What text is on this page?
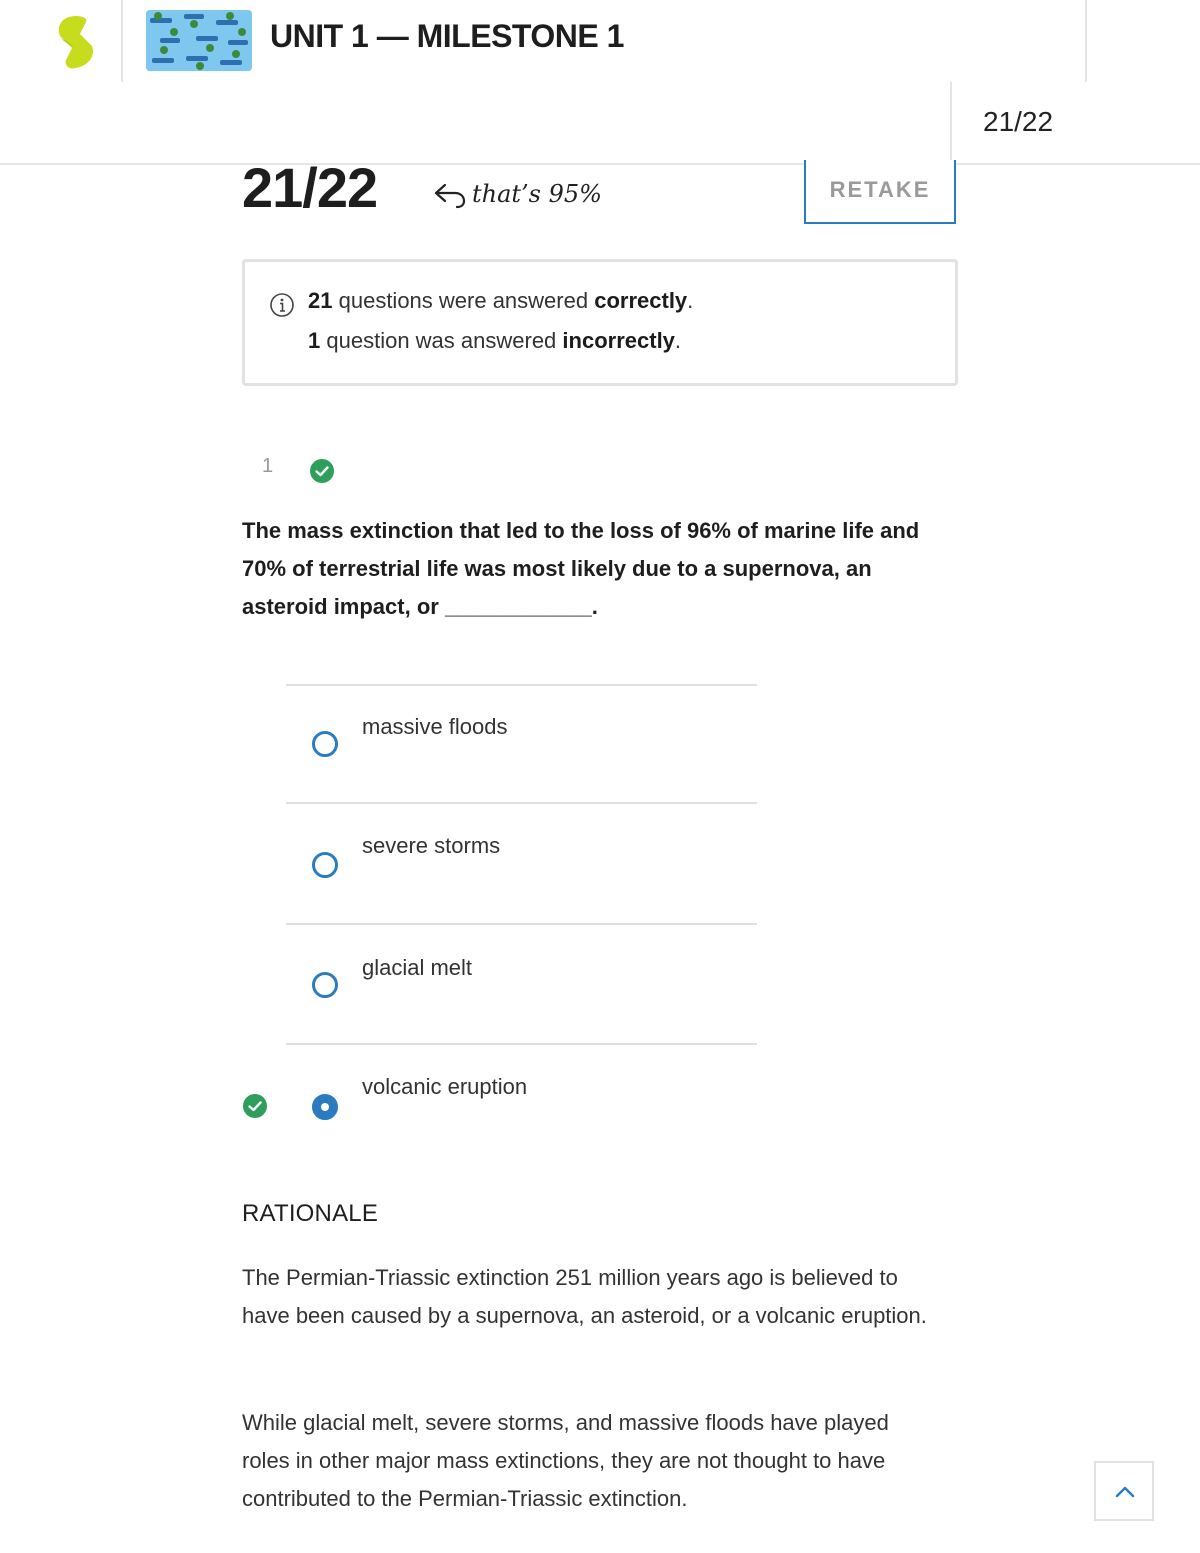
UNIT 1 — MILESTONE 1
21/22
21/22	that’s 95%	RETAKE
21 questions were answered correctly.
1 question was answered incorrectly.
1
The mass extinction that led to the loss of 96% of marine life and 70% of terrestrial life was most likely due to a supernova, an asteroid impact, or ____________.
massive floods
severe storms
glacial melt
volcanic eruption
RATIONALE
The Permian-Triassic extinction 251 million years ago is believed to have been caused by a supernova, an asteroid, or a volcanic eruption.
While glacial melt, severe storms, and massive floods have played roles in other major mass extinctions, they are not thought to have contributed to the Permian-Triassic extinction.
